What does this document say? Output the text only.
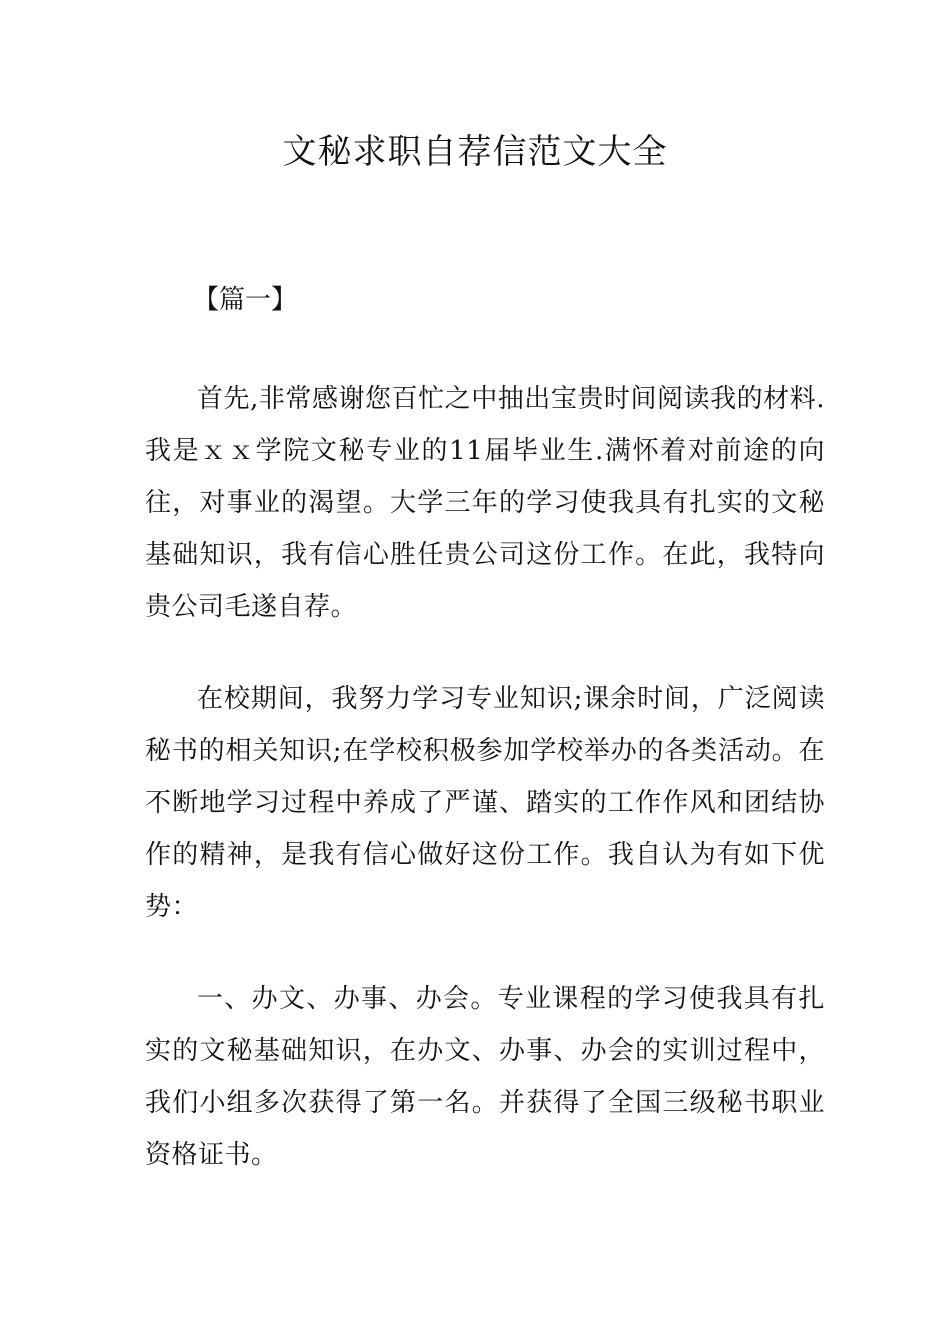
文秘求职自荐信范文大全
【篇一】

首先,非常感谢您百忙之中抽出宝贵时间阅读我的材料.我是ｘｘ学院文秘专业的11届毕业生.满怀着对前途的向往，对事业的渴望。大学三年的学习使我具有扎实的文秘基础知识，我有信心胜任贵公司这份工作。在此，我特向贵公司毛遂自荐。

在校期间，我努力学习专业知识;课余时间，广泛阅读秘书的相关知识;在学校积极参加学校举办的各类活动。在不断地学习过程中养成了严谨、踏实的工作作风和团结协作的精神，是我有信心做好这份工作。我自认为有如下优势：

一、办文、办事、办会。专业课程的学习使我具有扎实的文秘基础知识，在办文、办事、办会的实训过程中，我们小组多次获得了第一名。并获得了全国三级秘书职业资格证书。
